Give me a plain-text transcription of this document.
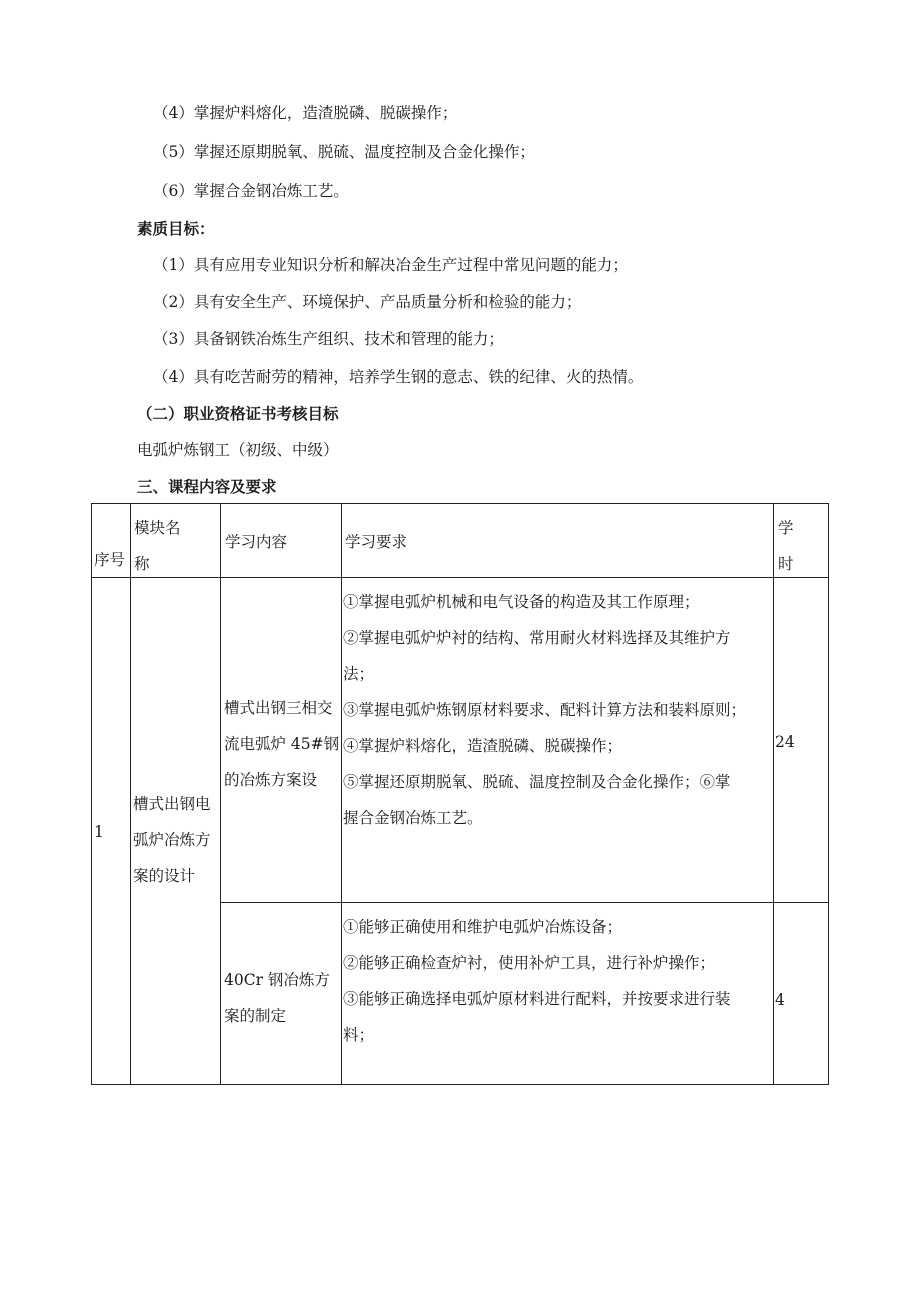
（4）掌握炉料熔化，造渣脱磷、脱碳操作；
（5）掌握还原期脱氧、脱硫、温度控制及合金化操作；
（6）掌握合金钢冶炼工艺。
素质目标：
（1）具有应用专业知识分析和解决冶金生产过程中常见问题的能力；
（2）具有安全生产、环境保护、产品质量分析和检验的能力；
（3）具备钢铁冶炼生产组织、技术和管理的能力；
（4）具有吃苦耐劳的精神，培养学生钢的意志、铁的纪律、火的热情。
（二）职业资格证书考核目标
电弧炉炼钢工（初级、中级）
三、课程内容及要求
序号
模块名
称
学习内容	学习要求
学
时
1

槽式出钢电

弧炉冶炼方

案的设计

槽式出钢三相交

流电弧炉 45#钢

的冶炼方案设

①掌握电弧炉机械和电气设备的构造及其工作原理；

②掌握电弧炉炉衬的结构、常用耐火材料选择及其维护方

法；

③掌握电弧炉炼钢原材料要求、配料计算方法和装料原则；

④掌握炉料熔化，造渣脱磷、脱碳操作；

⑤掌握还原期脱氧、脱硫、温度控制及合金化操作；⑥掌

握合金钢冶炼工艺。

24

40Cr 钢冶炼方

案的制定

①能够正确使用和维护电弧炉冶炼设备；

②能够正确检查炉衬，使用补炉工具，进行补炉操作；

③能够正确选择电弧炉原材料进行配料，并按要求进行装

料；

4
